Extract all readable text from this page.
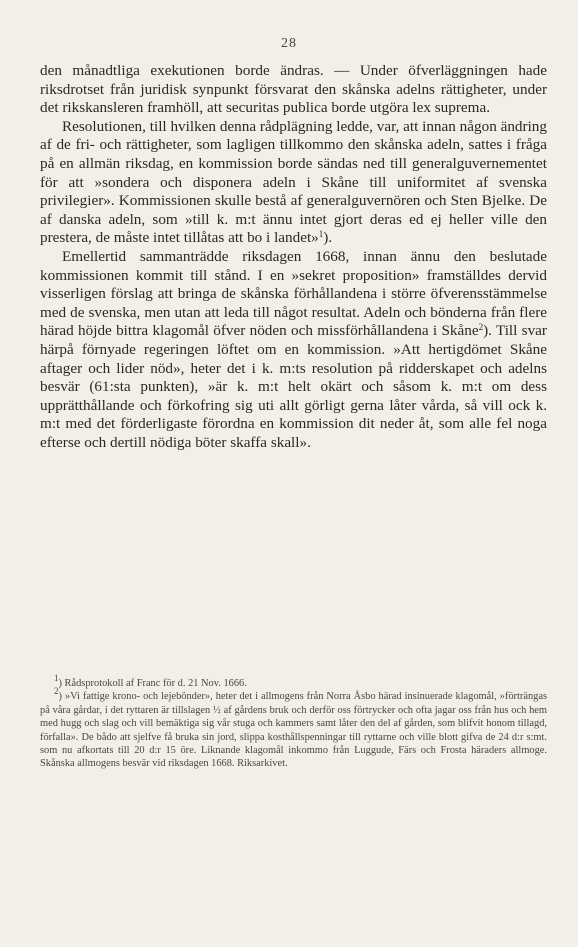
28

den månadtliga exekutionen borde ändras. — Under öfverläggningen hade riksdrotset från juridisk synpunkt försvarat den skånska adelns rättigheter, under det rikskansleren framhöll, att securitas publica borde utgöra lex suprema.

Resolutionen, till hvilken denna rådplägning ledde, var, att innan någon ändring af de fri- och rättigheter, som lagligen tillkommo den skånska adeln, sattes i fråga på en allmän riksdag, en kommission borde sändas ned till generalguvernementet för att »sondera och disponera adeln i Skåne till uniformitet af svenska privilegier». Kommissionen skulle bestå af generalguvernören och Sten Bjelke. De af danska adeln, som »till k. m:t ännu intet gjort deras ed ej heller ville den prestera, de måste intet tillåtas att bo i landet»$^1$).

Emellertid sammanträdde riksdagen 1668, innan ännu den beslutade kommissionen kommit till stånd. I en »sekret proposition» framställdes dervid visserligen förslag att bringa de skånska förhållandena i större öfverensstämmelse med de svenska, men utan att leda till något resultat. Adeln och bönderna från flere härad höjde bittra klagomål öfver nöden och missförhållandena i Skåne$^2$). Till svar härpå förnyade regeringen löftet om en kommission. »Att hertigdömet Skåne aftager och lider nöd», heter det i k. m:ts resolution på ridderskapet och adelns besvär (61:sta punkten), »är k. m:t helt okärt och såsom k. m:t om dess upprätthållande och förkofring sig uti allt görligt gerna låter vårda, så vill ock k. m:t med det förderligaste förordna en kommission dit neder åt, som alle fel noga efterse och dertill nödiga böter skaffa skall».

$^1$) Rådsprotokoll af Franc för d. 21 Nov. 1666.

$^2$) »Vi fattige krono- och lejebönder», heter det i allmogens från Norra Åsbo härad insinuerade klagomål, »förträngas på våra gårdar, i det ryttaren är tillslagen ½ af gårdens bruk och derför oss förtrycker och ofta jagar oss från hus och hem med hugg och slag och vill bemäktiga sig vår stuga och kammers samt låter den del af gården, som blifvit honom tillagd, förfalla». De bådo att sjelfve få bruka sin jord, slippa kosthållspenningar till ryttarne och ville blott gifva de 24 d:r s:mt. som nu afkortats till 20 d:r 15 öre. Liknande klagomål inkommo från Luggude, Färs och Frosta häraders allmoge. Skånska allmogens besvär vid riksdagen 1668. Riksarkivet.
